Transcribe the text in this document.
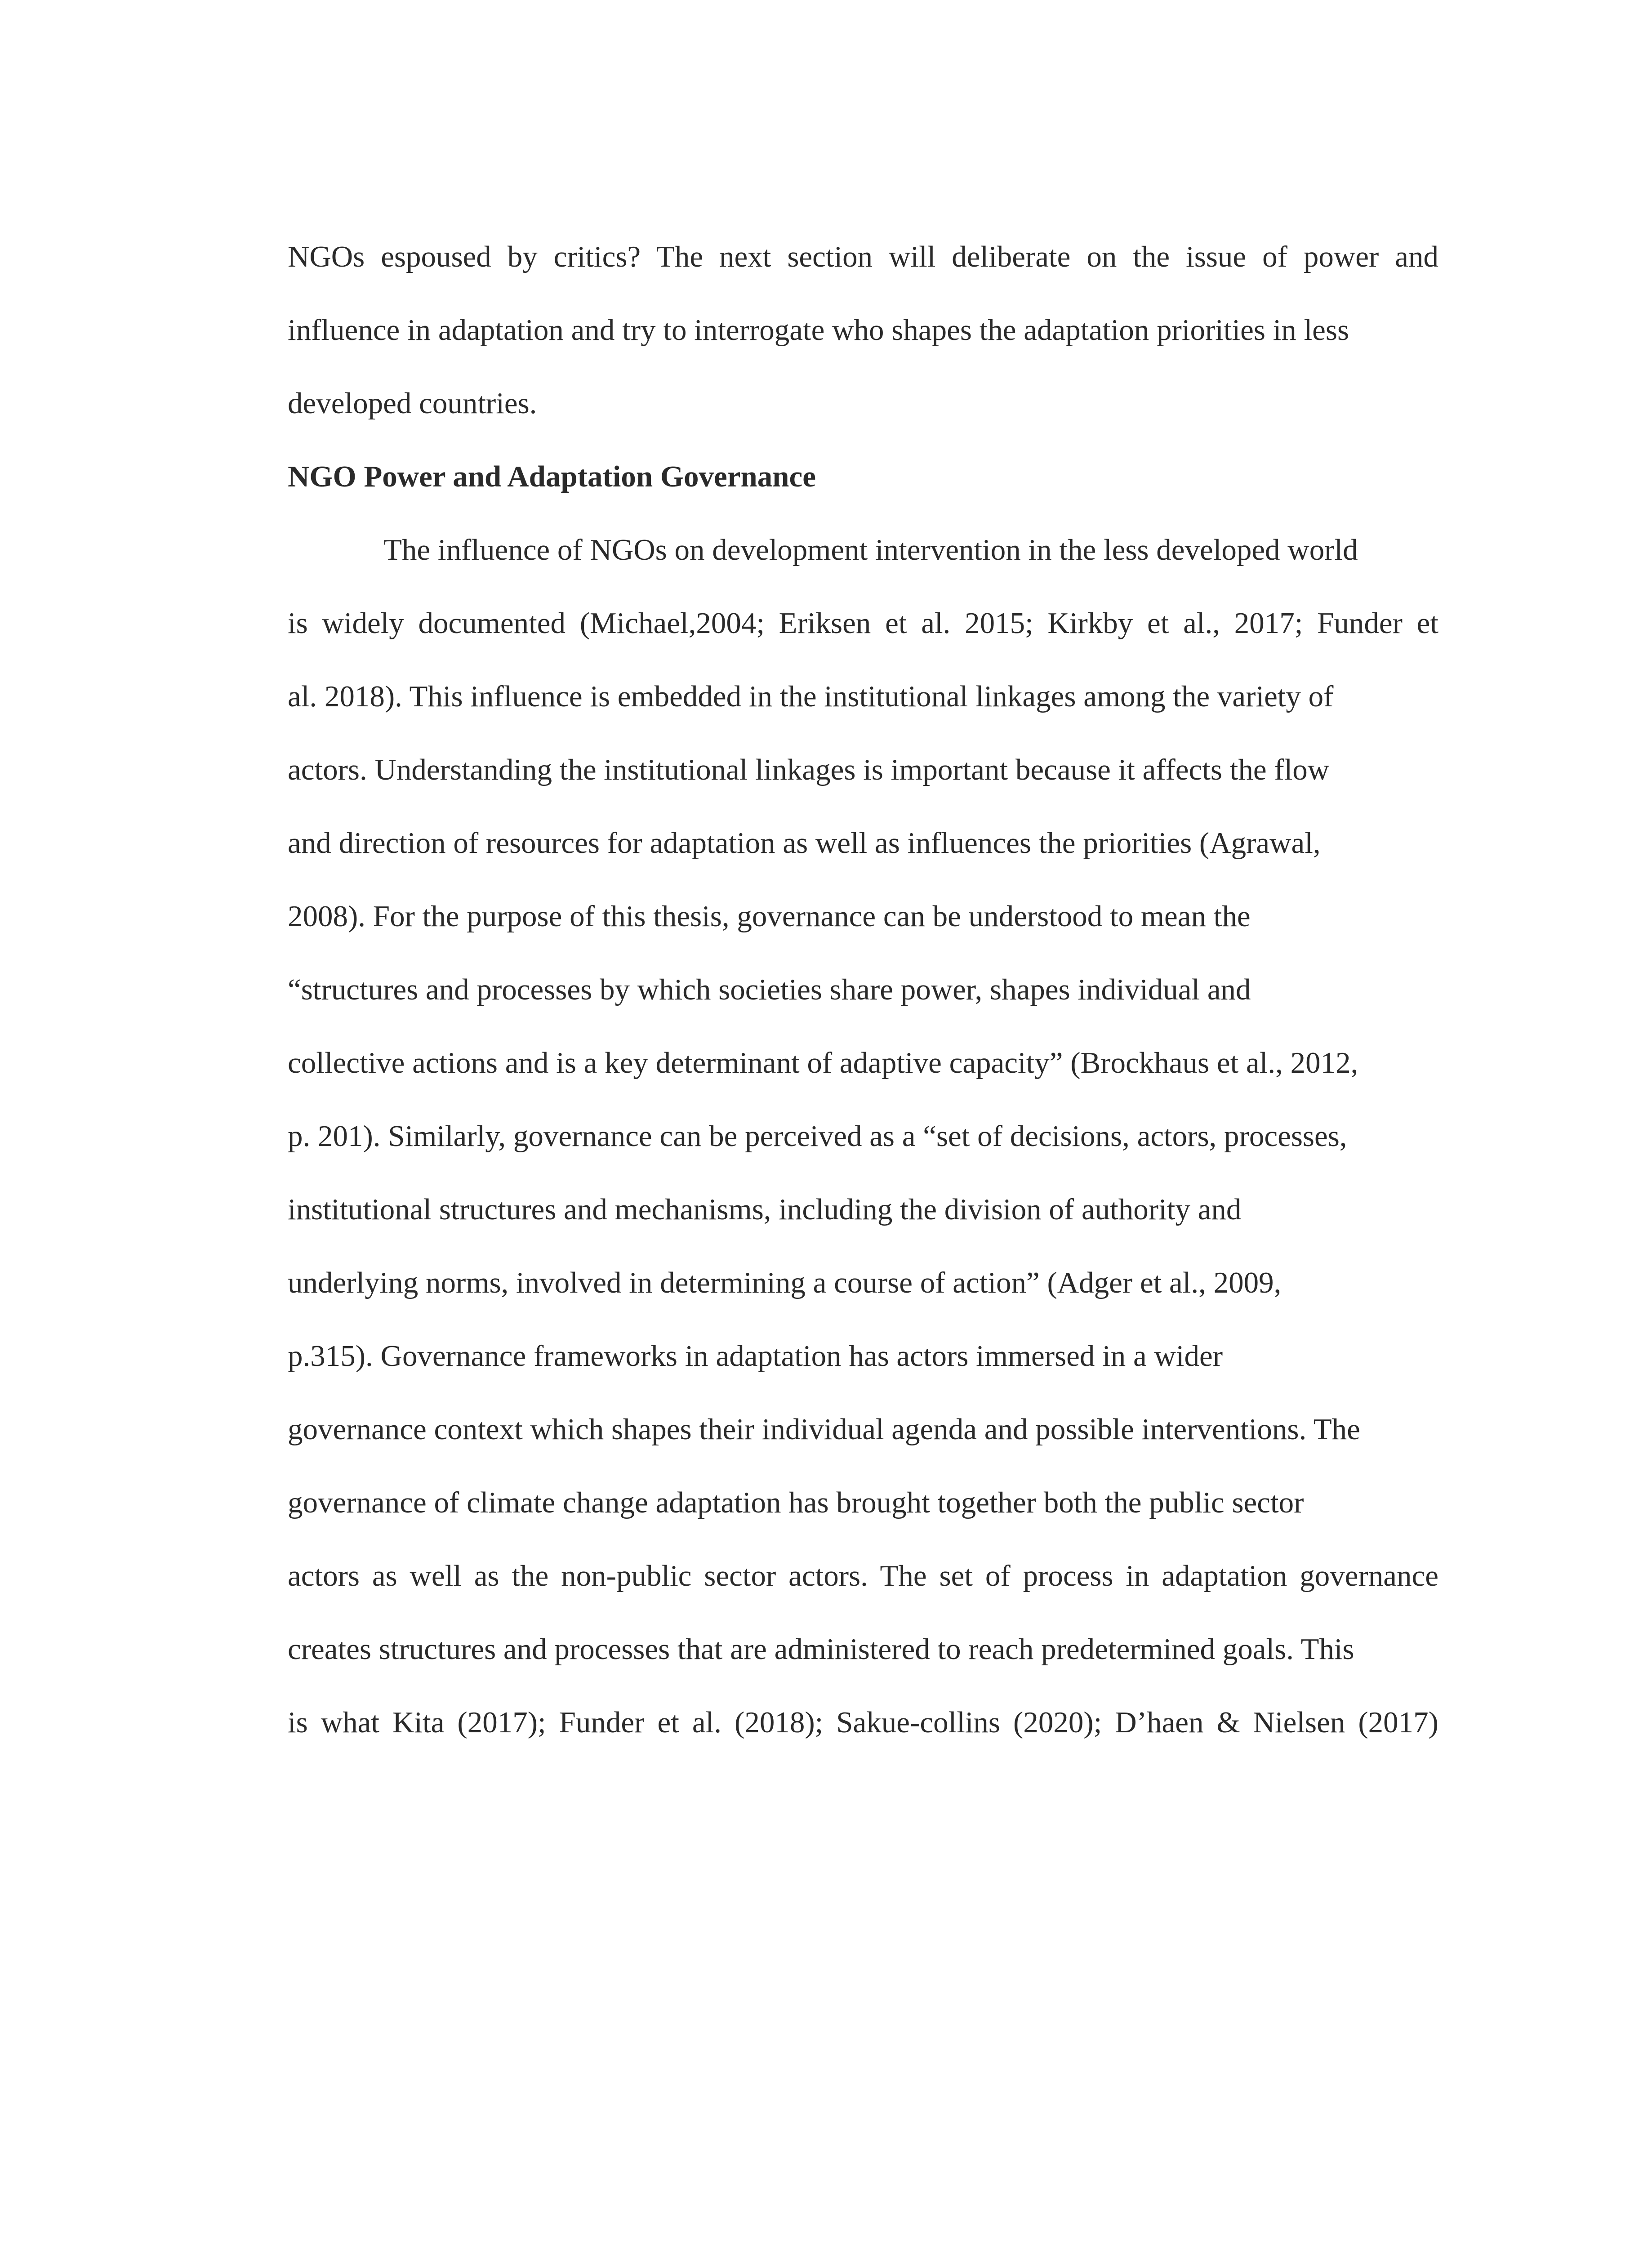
NGOs espoused by critics? The next section will deliberate on the issue of power and
influence in adaptation and try to interrogate who shapes the adaptation priorities in less
developed countries.
NGO Power and Adaptation Governance
The influence of NGOs on development intervention in the less developed world
is widely documented (Michael,2004; Eriksen et al. 2015; Kirkby et al., 2017; Funder et
al. 2018). This influence is embedded in the institutional linkages among the variety of
actors. Understanding the institutional linkages is important because it affects the flow
and direction of resources for adaptation as well as influences the priorities (Agrawal,
2008). For the purpose of this thesis, governance can be understood to mean the
“structures and processes by which societies share power, shapes individual and
collective actions and is a key determinant of adaptive capacity” (Brockhaus et al., 2012,
p. 201). Similarly, governance can be perceived as a “set of decisions, actors, processes,
institutional structures and mechanisms, including the division of authority and
underlying norms, involved in determining a course of action” (Adger et al., 2009,
p.315). Governance frameworks in adaptation has actors immersed in a wider
governance context which shapes their individual agenda and possible interventions. The
governance of climate change adaptation has brought together both the public sector
actors as well as the non-public sector actors. The set of process in adaptation governance
creates structures and processes that are administered to reach predetermined goals. This
is what Kita (2017); Funder et al. (2018); Sakue-collins (2020); D’haen & Nielsen (2017)
